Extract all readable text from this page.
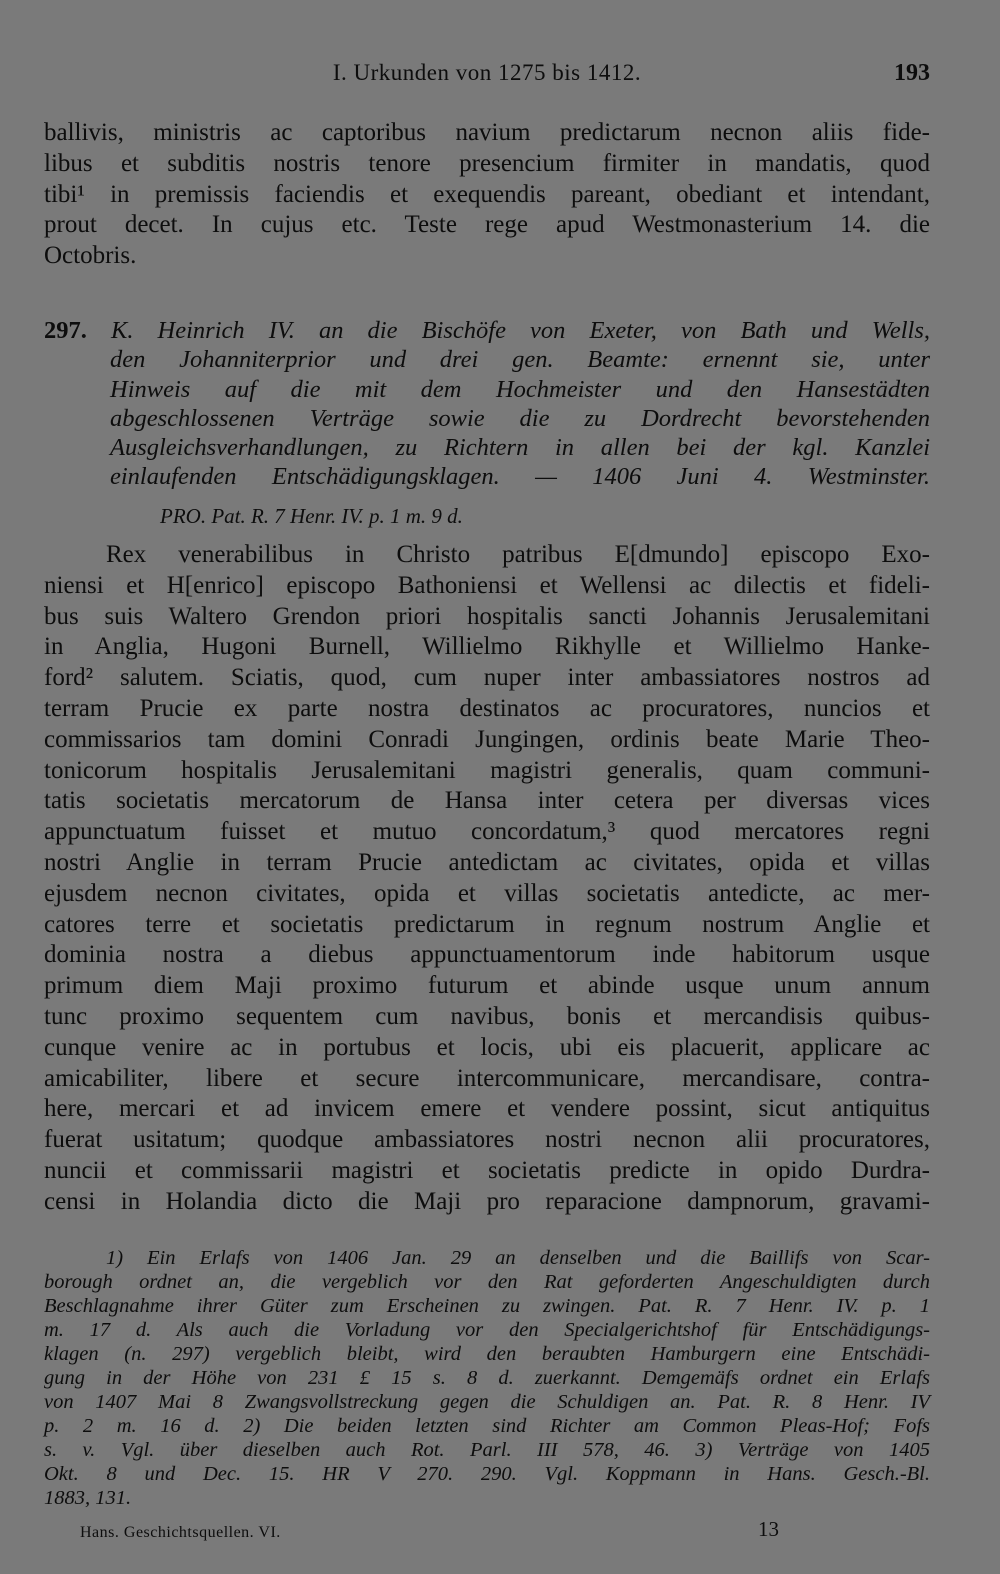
I. Urkunden von 1275 bis 1412.	193
ballivis, ministris ac captoribus navium predictarum necnon aliis fide-
libus et subditis nostris tenore presencium firmiter in mandatis, quod
tibi¹ in premissis faciendis et exequendis pareant, obediant et intendant,
prout decet. In cujus etc. Teste rege apud Westmonasterium 14. die
Octobris.
297. K. Heinrich IV. an die Bischöfe von Exeter, von Bath und Wells,
den Johanniterprior und drei gen. Beamte: ernennt sie, unter
Hinweis auf die mit dem Hochmeister und den Hansestädten
abgeschlossenen Verträge sowie die zu Dordrecht bevorstehenden
Ausgleichsverhandlungen, zu Richtern in allen bei der kgl. Kanzlei
einlaufenden Entschädigungsklagen. — 1406 Juni 4. Westminster.
PRO. Pat. R. 7 Henr. IV. p. 1 m. 9 d.
Rex venerabilibus in Christo patribus E[dmundo] episcopo Exo-
niensi et H[enrico] episcopo Bathoniensi et Wellensi ac dilectis et fideli-
bus suis Waltero Grendon priori hospitalis sancti Johannis Jerusalemitani
in Anglia, Hugoni Burnell, Willielmo Rikhylle et Willielmo Hanke-
ford² salutem. Sciatis, quod, cum nuper inter ambassiatores nostros ad
terram Prucie ex parte nostra destinatos ac procuratores, nuncios et
commissarios tam domini Conradi Jungingen, ordinis beate Marie Theo-
tonicorum hospitalis Jerusalemitani magistri generalis, quam communi-
tatis societatis mercatorum de Hansa inter cetera per diversas vices
appunctuatum fuisset et mutuo concordatum,³ quod mercatores regni
nostri Anglie in terram Prucie antedictam ac civitates, opida et villas
ejusdem necnon civitates, opida et villas societatis antedicte, ac mer-
catores terre et societatis predictarum in regnum nostrum Anglie et
dominia nostra a diebus appunctuamentorum inde habitorum usque
primum diem Maji proximo futurum et abinde usque unum annum
tunc proximo sequentem cum navibus, bonis et mercandisis quibus-
cunque venire ac in portubus et locis, ubi eis placuerit, applicare ac
amicabiliter, libere et secure intercommunicare, mercandisare, contra-
here, mercari et ad invicem emere et vendere possint, sicut antiquitus
fuerat usitatum; quodque ambassiatores nostri necnon alii procuratores,
nuncii et commissarii magistri et societatis predicte in opido Durdra-
censi in Holandia dicto die Maji pro reparacione dampnorum, gravami-
1) Ein Erlafs von 1406 Jan. 29 an denselben und die Baillifs von Scar-
borough ordnet an, die vergeblich vor den Rat geforderten Angeschuldigten durch
Beschlagnahme ihrer Güter zum Erscheinen zu zwingen. Pat. R. 7 Henr. IV. p. 1
m. 17 d. Als auch die Vorladung vor den Specialgerichtshof für Entschädigungs-
klagen (n. 297) vergeblich bleibt, wird den beraubten Hamburgern eine Entschädi-
gung in der Höhe von 231 £ 15 s. 8 d. zuerkannt. Demgemäfs ordnet ein Erlafs
von 1407 Mai 8 Zwangsvollstreckung gegen die Schuldigen an. Pat. R. 8 Henr. IV
p. 2 m. 16 d. 2) Die beiden letzten sind Richter am Common Pleas-Hof; Fofs
s. v. Vgl. über dieselben auch Rot. Parl. III 578, 46. 3) Verträge von 1405
Okt. 8 und Dec. 15. HR V 270. 290. Vgl. Koppmann in Hans. Gesch.-Bl.
1883, 131.
Hans. Geschichtsquellen. VI.	13
